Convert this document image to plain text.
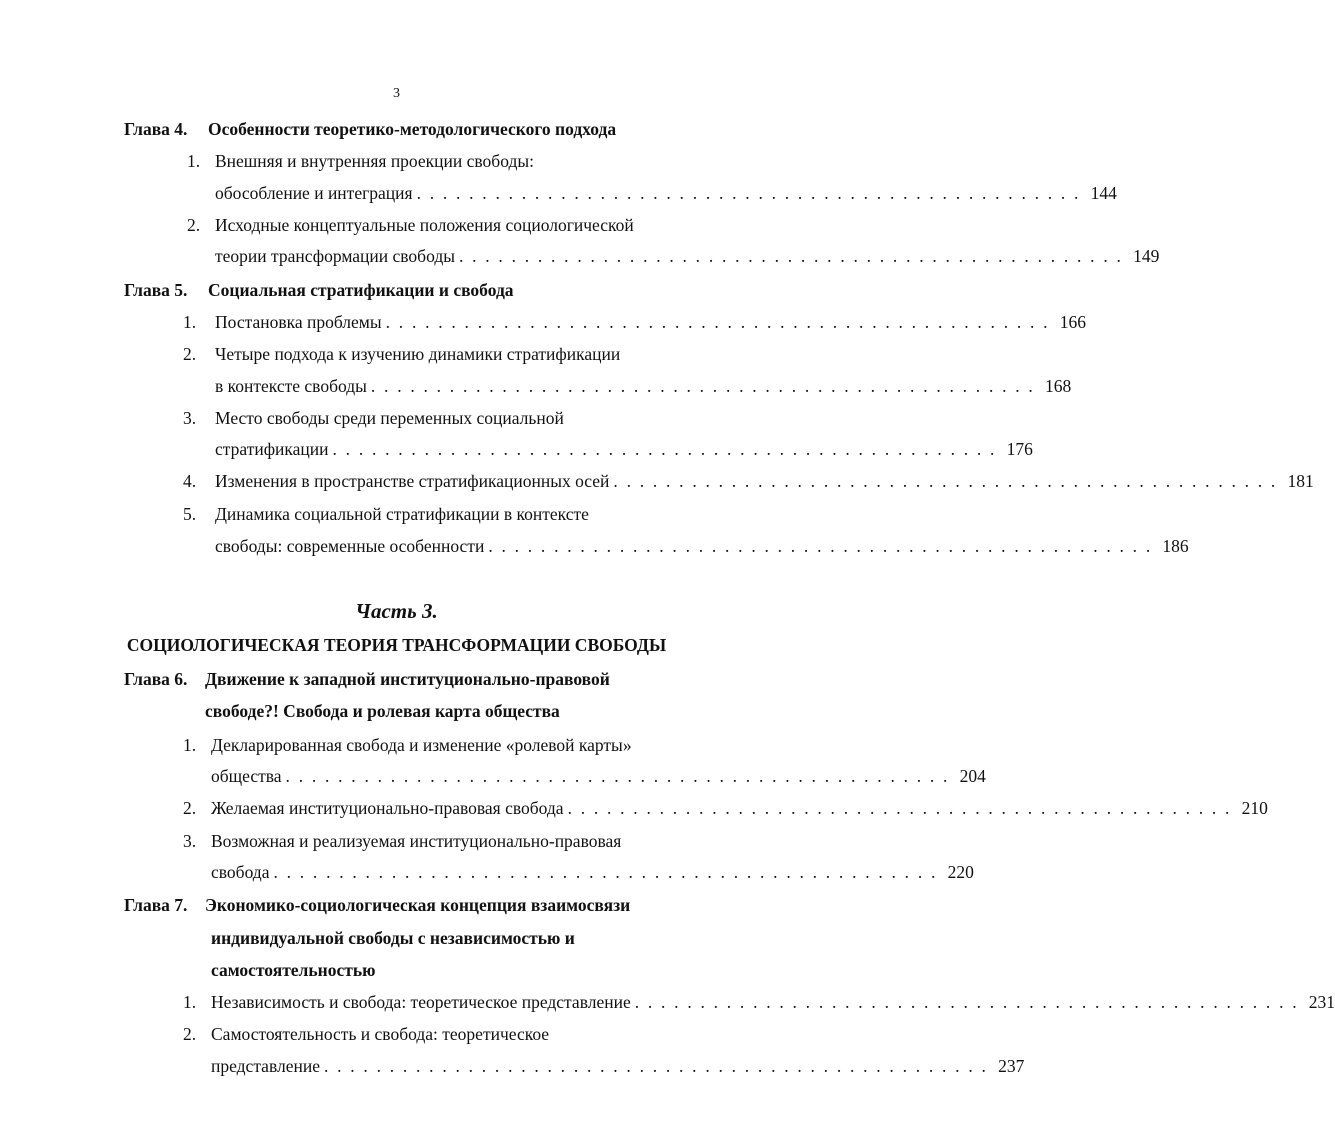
3
Глава 4. Особенности теоретико-методологического подхода
1. Внешняя и внутренняя проекции свободы:
обособление и интеграция . . . . . . . . . . . . . . . . . . . . . . . . . . . . . . . . . . . . . . . . . . . . . . . . . . . 144
2. Исходные концептуальные положения социологической
теории трансформации свободы . . . . . . . . . . . . . . . . . . . . . . . . . . . . . . . . . . . . . . . . . . . . . . . . . . . 149
Глава 5. Социальная стратификации и свобода
1. Постановка проблемы . . . . . . . . . . . . . . . . . . . . . . . . . . . . . . . . . . . . . . . . . . . . . . . . . . . 166
2. Четыре подхода к изучению динамики стратификации
в контексте свободы . . . . . . . . . . . . . . . . . . . . . . . . . . . . . . . . . . . . . . . . . . . . . . . . . . . 168
3. Место свободы среди переменных социальной
стратификации . . . . . . . . . . . . . . . . . . . . . . . . . . . . . . . . . . . . . . . . . . . . . . . . . . . 176
4. Изменения в пространстве стратификационных осей . . . . . . . . . . . . . . . . . . . . . . . . . . . . . . . . . . . . . . . . . . . . . . . . . . . 181
5. Динамика социальной стратификации в контексте
свободы: современные особенности . . . . . . . . . . . . . . . . . . . . . . . . . . . . . . . . . . . . . . . . . . . . . . . . . . . 186
Часть 3.
СОЦИОЛОГИЧЕСКАЯ ТЕОРИЯ ТРАНСФОРМАЦИИ СВОБОДЫ
Глава 6. Движение к западной институционально-правовой
свободе?! Свобода и ролевая карта общества
1. Декларированная свобода и изменение «ролевой карты»
общества . . . . . . . . . . . . . . . . . . . . . . . . . . . . . . . . . . . . . . . . . . . . . . . . . . . 204
2. Желаемая институционально-правовая свобода . . . . . . . . . . . . . . . . . . . . . . . . . . . . . . . . . . . . . . . . . . . . . . . . . . . 210
3. Возможная и реализуемая институционально-правовая
свобода . . . . . . . . . . . . . . . . . . . . . . . . . . . . . . . . . . . . . . . . . . . . . . . . . . . 220
Глава 7. Экономико-социологическая концепция взаимосвязи
индивидуальной свободы с независимостью и
самостоятельностью
1. Независимость и свобода: теоретическое представление . . . . . . . . . . . . . . . . . . . . . . . . . . . . . . . . . . . . . . . . . . . . . . . . . . . 231
2. Самостоятельность и свобода: теоретическое
представление . . . . . . . . . . . . . . . . . . . . . . . . . . . . . . . . . . . . . . . . . . . . . . . . . . . 237
